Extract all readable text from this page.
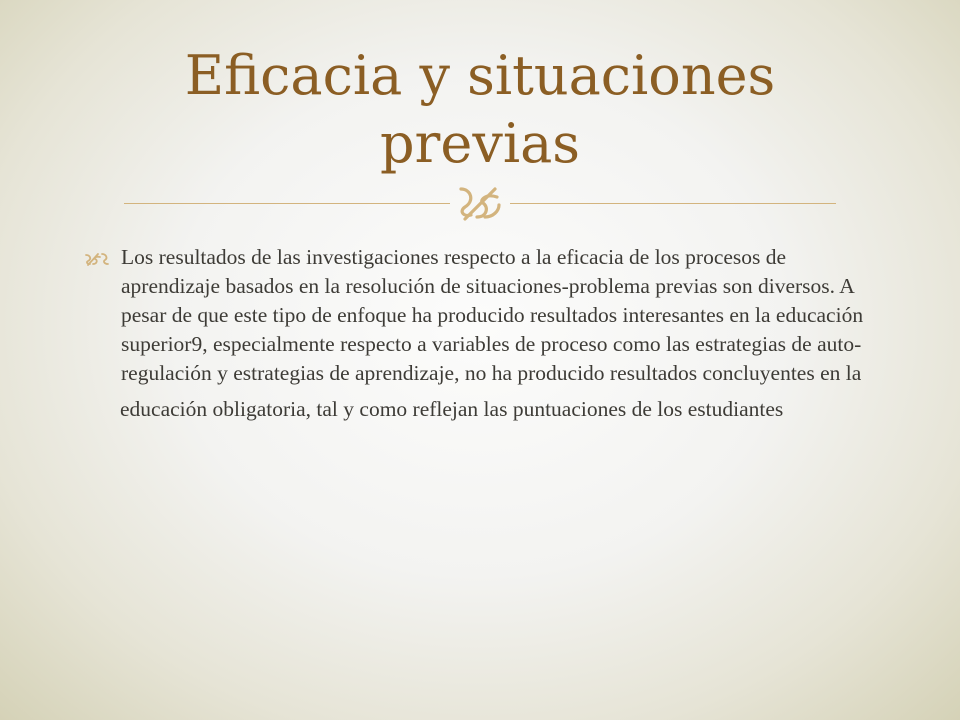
Eficacia y situaciones previas
Los resultados de las investigaciones respecto a la eficacia de los procesos de aprendizaje basados en la resolución de situaciones-problema previas son diversos. A pesar de que este tipo de enfoque ha producido resultados interesantes en la educación superior9, especialmente respecto a variables de proceso como las estrategias de auto-regulación y estrategias de aprendizaje, no ha producido resultados concluyentes en la

educación obligatoria, tal y como reflejan las puntuaciones de los estudiantes
